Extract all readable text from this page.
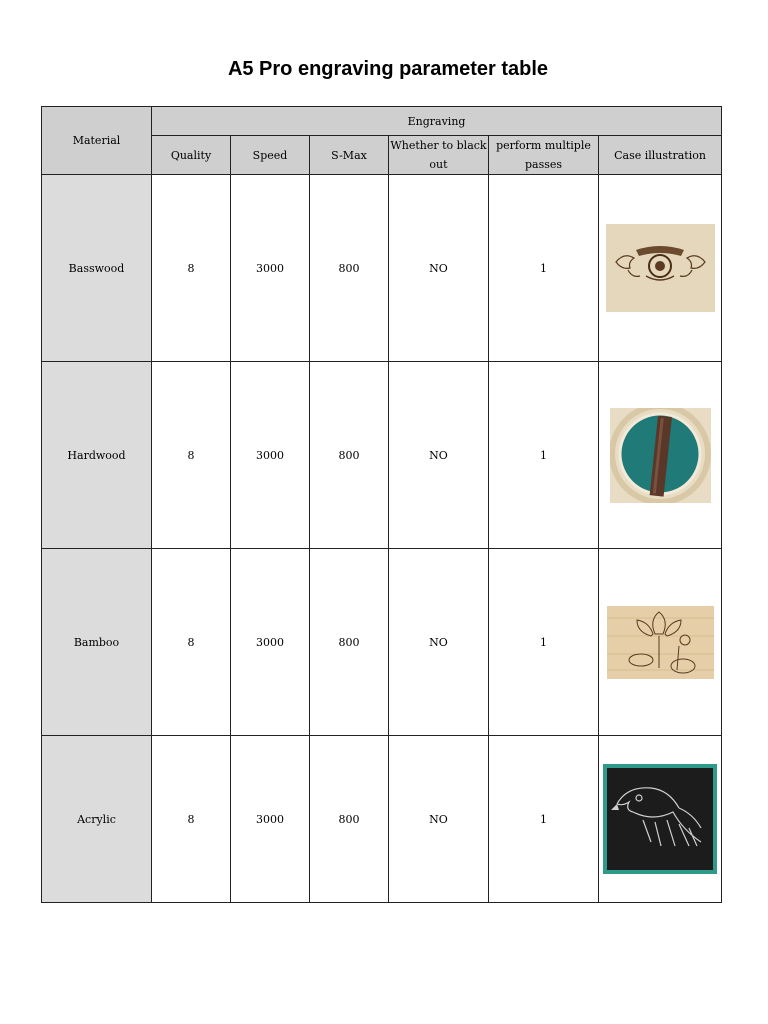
A5 Pro engraving parameter table
Material	Engraving					
	Quality	Speed	S-Max	Whether to black out	perform multiple passes	Case illustration
Basswood	8	3000	800	NO	1	

Hardwood	8	3000	800	NO	1	

Bamboo	8	3000	800	NO	1	

Acrylic	8	3000	800	NO	1	
